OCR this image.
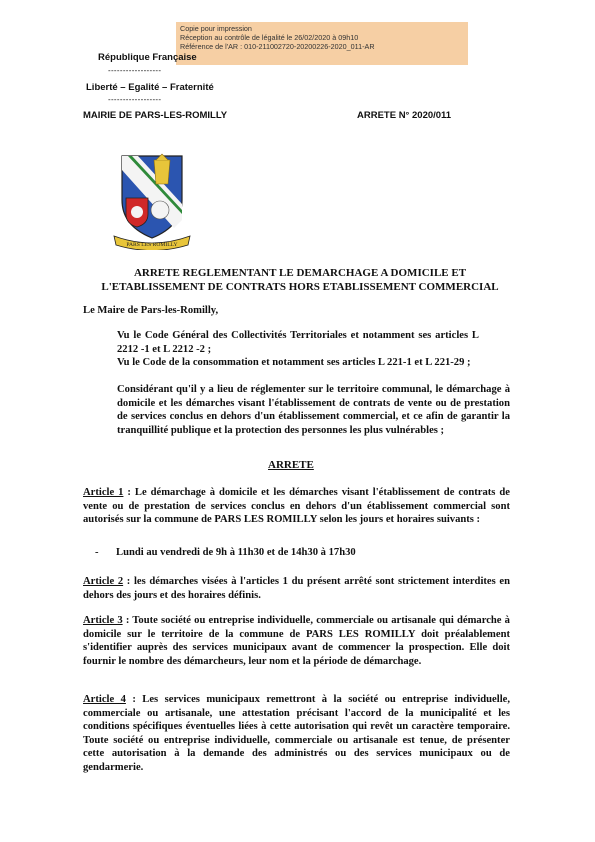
Copie pour impression
Réception au contrôle de légalité le 26/02/2020 à 09h10
Référence de l'AR : 010-211002720-20200226-2020_011-AR
République Française
------------------
Liberté – Egalité – Fraternité
------------------
MAIRIE DE PARS-LES-ROMILLY	ARRETE N° 2020/011
PARS LES ROMILLY
ARRETE REGLEMENTANT LE DEMARCHAGE A DOMICILE ET
L'ETABLISSEMENT DE CONTRATS HORS ETABLISSEMENT COMMERCIAL
Le Maire de Pars-les-Romilly,
Vu le Code Général des Collectivités Territoriales et notamment ses articles L 2212 -1 et L 2212 -2 ;
Vu le Code de la consommation et notamment ses articles L 221-1 et L 221-29 ;
Considérant qu'il y a lieu de réglementer sur le territoire communal, le démarchage à domicile et les démarches visant l'établissement de contrats de vente ou de prestation de services conclus en dehors d'un établissement commercial, et ce afin de garantir la tranquillité publique et la protection des personnes les plus vulnérables ;
ARRETE
Article 1 : Le démarchage à domicile et les démarches visant l'établissement de contrats de vente ou de prestation de services conclus en dehors d'un établissement commercial sont autorisés sur la commune de PARS LES ROMILLY selon les jours et horaires suivants :
- Lundi au vendredi de 9h à 11h30 et de 14h30 à 17h30
Article 2 : les démarches visées à l'articles 1 du présent arrêté sont strictement interdites en dehors des jours et des horaires définis.
Article 3 : Toute société ou entreprise individuelle, commerciale ou artisanale qui démarche à domicile sur le territoire de la commune de PARS LES ROMILLY doit préalablement s'identifier auprès des services municipaux avant de commencer la prospection. Elle doit fournir le nombre des démarcheurs, leur nom et la période de démarchage.
Article 4 : Les services municipaux remettront à la société ou entreprise individuelle, commerciale ou artisanale, une attestation précisant l'accord de la municipalité et les conditions spécifiques éventuelles liées à cette autorisation qui revêt un caractère temporaire. Toute société ou entreprise individuelle, commerciale ou artisanale est tenue, de présenter cette autorisation à la demande des administrés ou des services municipaux ou de gendarmerie.
